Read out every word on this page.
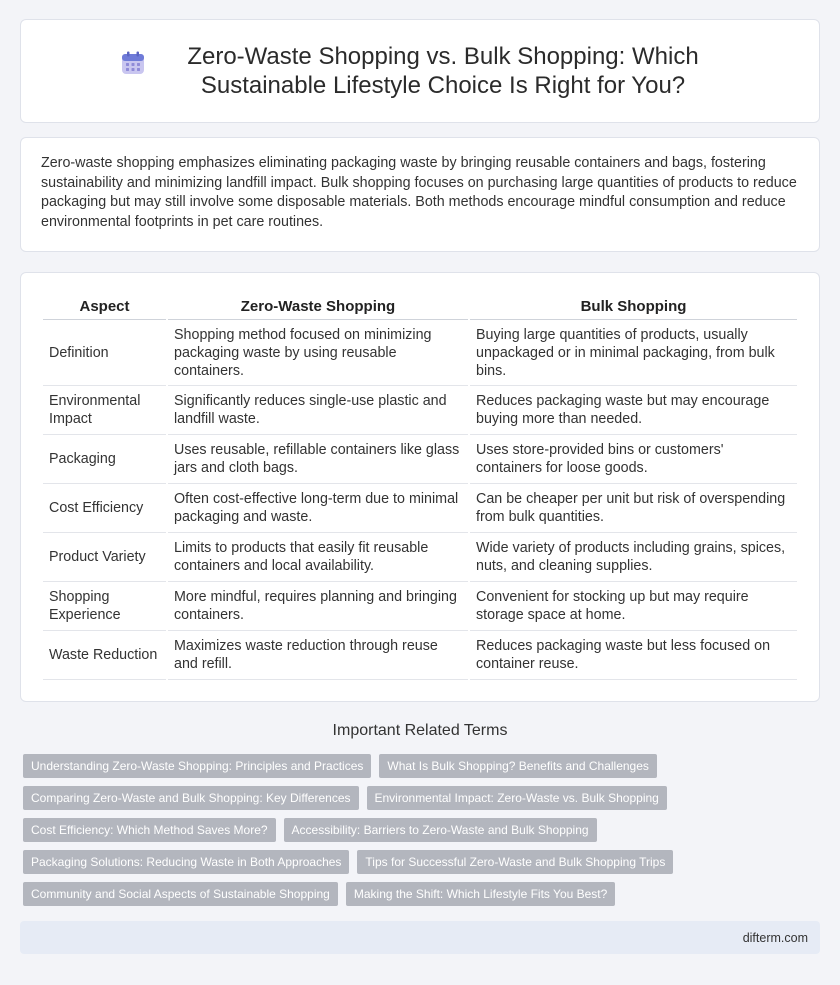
Zero-Waste Shopping vs. Bulk Shopping: Which Sustainable Lifestyle Choice Is Right for You?

Zero-waste shopping emphasizes eliminating packaging waste by bringing reusable containers and bags, fostering sustainability and minimizing landfill impact. Bulk shopping focuses on purchasing large quantities of products to reduce packaging but may still involve some disposable materials. Both methods encourage mindful consumption and reduce environmental footprints in pet care routines.

Aspect	Zero-Waste Shopping	Bulk Shopping
Definition	Shopping method focused on minimizing packaging waste by using reusable containers.	Buying large quantities of products, usually unpackaged or in minimal packaging, from bulk bins.
Environmental Impact	Significantly reduces single-use plastic and landfill waste.	Reduces packaging waste but may encourage buying more than needed.
Packaging	Uses reusable, refillable containers like glass jars and cloth bags.	Uses store-provided bins or customers' containers for loose goods.
Cost Efficiency	Often cost-effective long-term due to minimal packaging and waste.	Can be cheaper per unit but risk of overspending from bulk quantities.
Product Variety	Limits to products that easily fit reusable containers and local availability.	Wide variety of products including grains, spices, nuts, and cleaning supplies.
Shopping Experience	More mindful, requires planning and bringing containers.	Convenient for stocking up but may require storage space at home.
Waste Reduction	Maximizes waste reduction through reuse and refill.	Reduces packaging waste but less focused on container reuse.
Important Related Terms
Understanding Zero-Waste Shopping: Principles and Practices	What Is Bulk Shopping? Benefits and Challenges
Comparing Zero-Waste and Bulk Shopping: Key Differences	Environmental Impact: Zero-Waste vs. Bulk Shopping
Cost Efficiency: Which Method Saves More?	Accessibility: Barriers to Zero-Waste and Bulk Shopping
Packaging Solutions: Reducing Waste in Both Approaches	Tips for Successful Zero-Waste and Bulk Shopping Trips
Community and Social Aspects of Sustainable Shopping	Making the Shift: Which Lifestyle Fits You Best?
difterm.com
